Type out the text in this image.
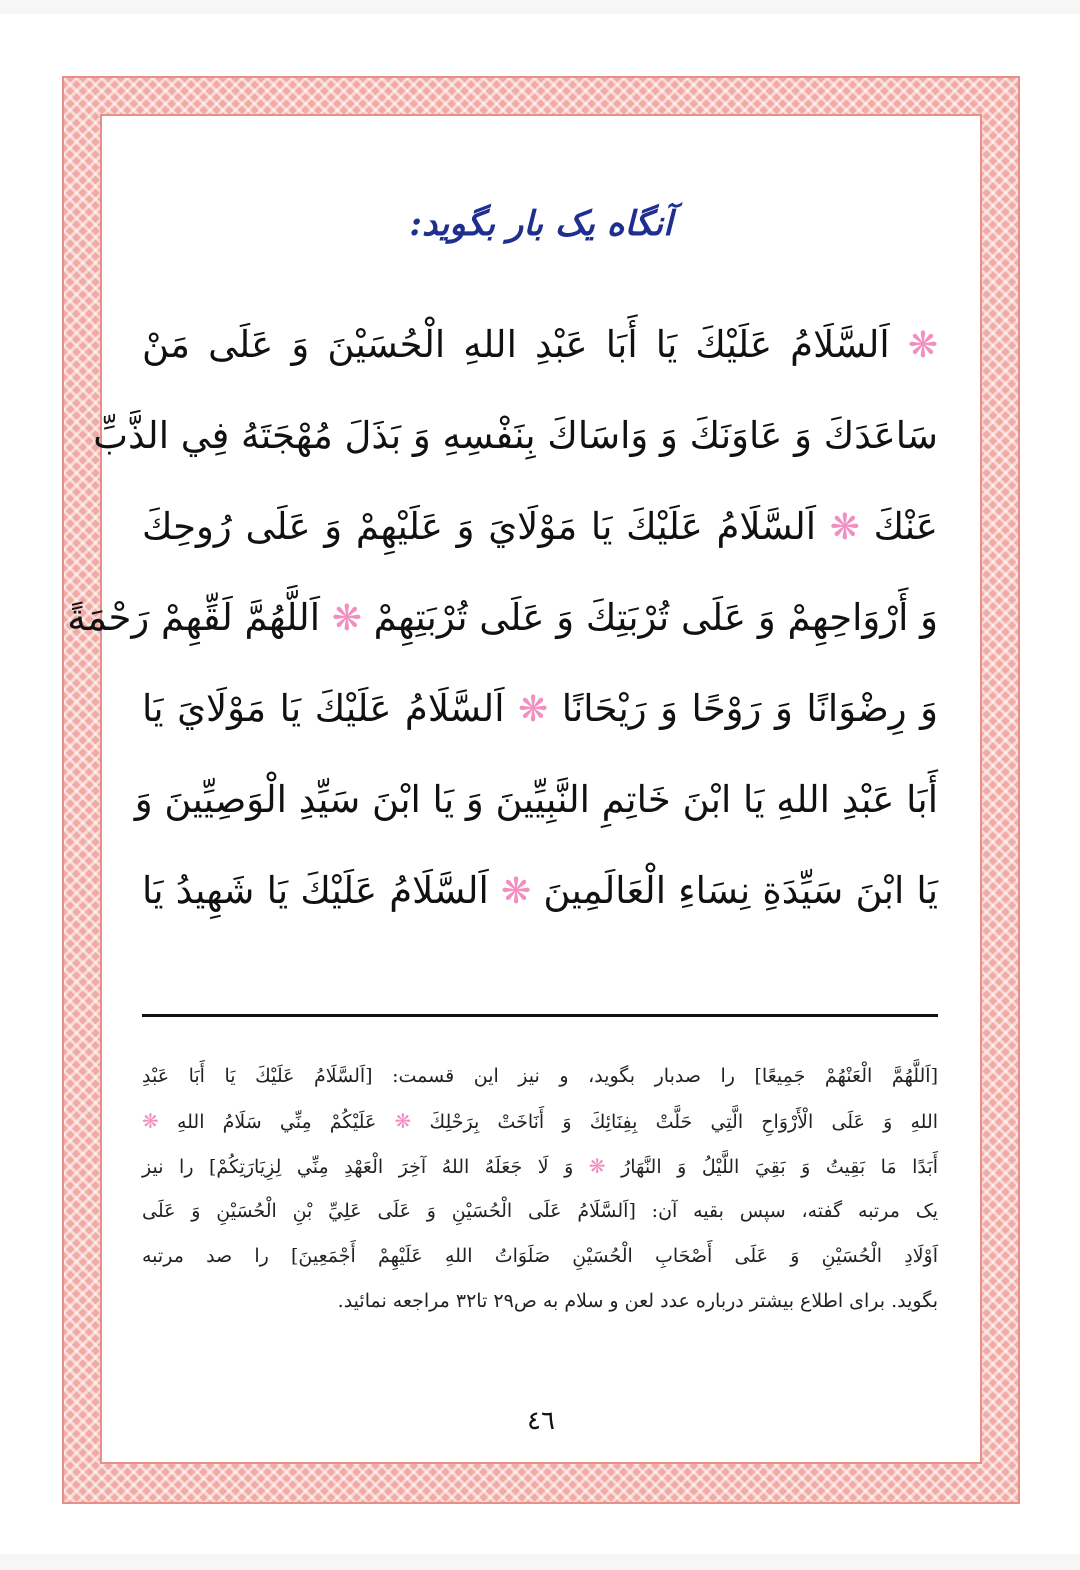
آنگاه یک بار بگوید:
❋ اَلسَّلَامُ عَلَيْكَ يَا أَبَا عَبْدِ اللهِ الْحُسَيْنَ وَ عَلَى مَنْ
سَاعَدَكَ وَ عَاوَنَكَ وَ وَاسَاكَ بِنَفْسِهِ وَ بَذَلَ مُهْجَتَهُ فِي الذَّبِّ
عَنْكَ ❋ اَلسَّلَامُ عَلَيْكَ يَا مَوْلَايَ وَ عَلَيْهِمْ وَ عَلَى رُوحِكَ
وَ أَرْوَاحِهِمْ وَ عَلَى تُرْبَتِكَ وَ عَلَى تُرْبَتِهِمْ ❋ اَللَّهُمَّ لَقِّهِمْ رَحْمَةً
وَ رِضْوَانًا وَ رَوْحًا وَ رَيْحَانًا ❋ اَلسَّلَامُ عَلَيْكَ يَا مَوْلَايَ يَا
أَبَا عَبْدِ اللهِ يَا ابْنَ خَاتِمِ النَّبِيِّينَ وَ يَا ابْنَ سَيِّدِ الْوَصِيِّينَ وَ
يَا ابْنَ سَيِّدَةِ نِسَاءِ الْعَالَمِينَ ❋ اَلسَّلَامُ عَلَيْكَ يَا شَهِيدُ يَا
[اَللَّهُمَّ الْعَنْهُمْ جَمِيعًا] را صدبار بگوید، و نیز این قسمت: [اَلسَّلَامُ عَلَيْكَ يَا أَبَا عَبْدِ
اللهِ وَ عَلَى الْأَرْوَاحِ الَّتِي حَلَّتْ بِفِنَائِكَ وَ أَنَاخَتْ بِرَحْلِكَ ❋ عَلَيْكُمْ مِنِّي سَلَامُ اللهِ ❋
أَبَدًا مَا بَقِيتُ وَ بَقِيَ اللَّيْلُ وَ النَّهَارُ ❋ وَ لَا جَعَلَهُ اللهُ آخِرَ الْعَهْدِ مِنِّي لِزِيَارَتِكُمْ] را نیز
یک مرتبه گفته، سپس بقیه آن: [اَلسَّلَامُ عَلَى الْحُسَيْنِ وَ عَلَى عَلِيِّ بْنِ الْحُسَيْنِ وَ عَلَى
اَوْلَادِ الْحُسَيْنِ وَ عَلَى أَصْحَابِ الْحُسَيْنِ صَلَوَاتُ اللهِ عَلَيْهِمْ أَجْمَعِينَ] را صد مرتبه
بگوید. برای اطلاع بیشتر درباره عدد لعن و سلام به ص۲۹ تا۳۲ مراجعه نمائید.
٤٦
